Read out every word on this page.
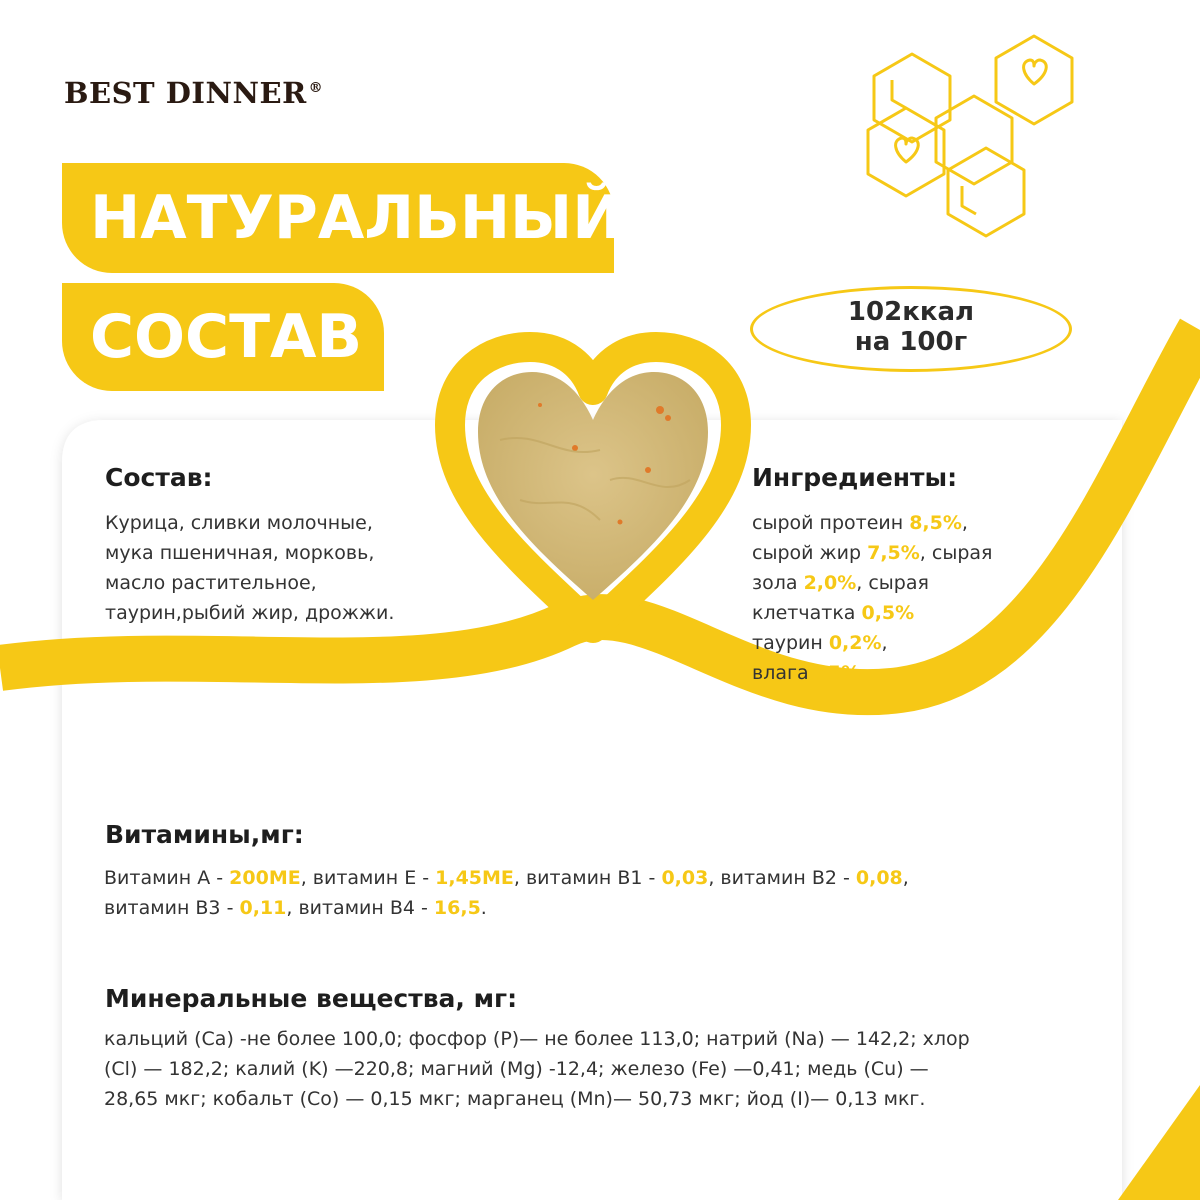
BEST DINNER ®
НАТУРАЛЬНЫЙ
СОСТАВ	102ккал
на 100г
Состав:
Курица, сливки молочные,
мука пшеничная, морковь,
масло растительное,
таурин,рыбий жир, дрожжи.
Ингредиенты:
сырой протеин 8,5%,
сырой жир 7,5%, сырая
зола 2,0%, сырая
клетчатка 0,5%
таурин 0,2%,
влага 85%
Витамины,мг:
Витамин А - 200МЕ, витамин Е - 1,45МЕ, витамин В1 - 0,03, витамин В2 - 0,08,
витамин В3 - 0,11, витамин В4 - 16,5.
Минеральные вещества, мг:
кальций (Са) -не более 100,0; фосфор (P)— не более 113,0; натрий (Na) — 142,2; хлор
(Cl) — 182,2; калий (K) —220,8; магний (Mg) -12,4; железо (Fe) —0,41; медь (Cu) —
28,65 мкг; кобальт (Co) — 0,15 мкг; марганец (Mn)— 50,73 мкг; йод (I)— 0,13 мкг.
